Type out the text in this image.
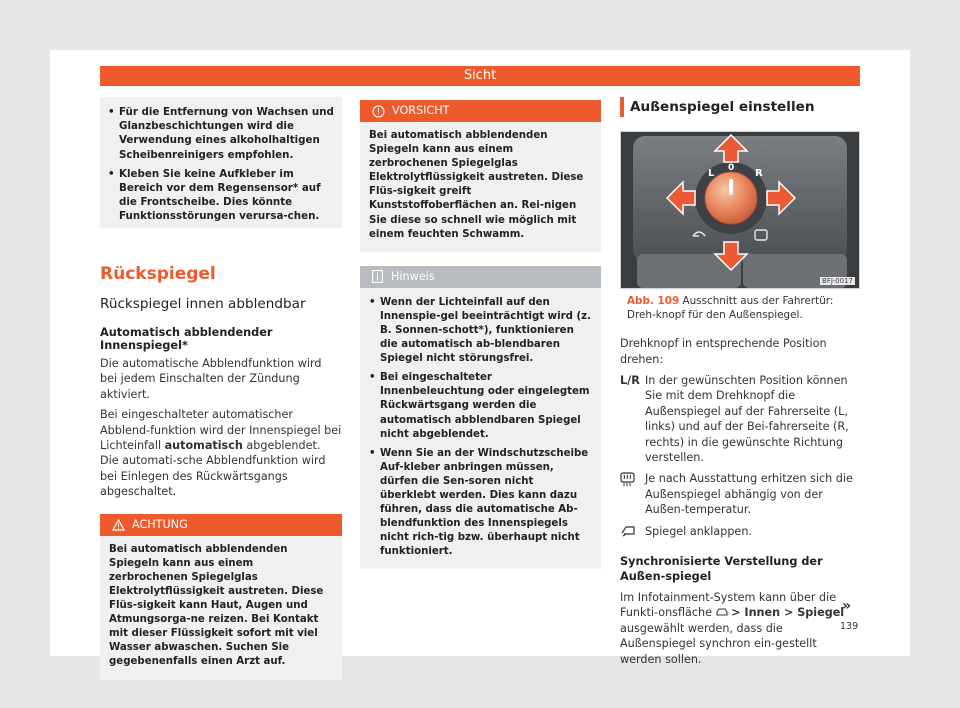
Sicht
• Für die Entfernung von Wachsen und Glanzbeschichtungen wird die Verwendung eines alkoholhaltigen Scheibenreinigers empfohlen.
• Kleben Sie keine Aufkleber im Bereich vor dem Regensensor* auf die Frontscheibe. Dies könnte Funktionsstörungen verursa-chen.
Rückspiegel
Rückspiegel innen abblendbar
Automatisch abblendender Innenspiegel*
Die automatische Abblendfunktion wird bei jedem Einschalten der Zündung aktiviert.
Bei eingeschalteter automatischer Abblend-funktion wird der Innenspiegel bei Lichteinfall automatisch abgeblendet. Die automati-sche Abblendfunktion wird bei Einlegen des Rückwärtsgangs abgeschaltet.
ACHTUNG
Bei automatisch abblendenden Spiegeln kann aus einem zerbrochenen Spiegelglas Elektrolytflüssigkeit austreten. Diese Flüs-sigkeit kann Haut, Augen und Atmungsorga-ne reizen. Bei Kontakt mit dieser Flüssigkeit sofort mit viel Wasser abwaschen. Suchen Sie gegebenenfalls einen Arzt auf.
VORSICHT
Bei automatisch abblendenden Spiegeln kann aus einem zerbrochenen Spiegelglas Elektrolytflüssigkeit austreten. Diese Flüs-sigkeit greift Kunststoffoberflächen an. Rei-nigen Sie diese so schnell wie möglich mit einem feuchten Schwamm.
Hinweis
• Wenn der Lichteinfall auf den Innenspie-gel beeinträchtigt wird (z. B. Sonnen-schott*), funktionieren die automatisch ab-blendbaren Spiegel nicht störungsfrei.
• Bei eingeschalteter Innenbeleuchtung oder eingelegtem Rückwärtsgang werden die automatisch abblendbaren Spiegel nicht abgeblendet.
• Wenn Sie an der Windschutzscheibe Auf-kleber anbringen müssen, dürfen die Sen-soren nicht überklebt werden. Dies kann dazu führen, dass die automatische Ab-blendfunktion des Innenspiegels nicht rich-tig bzw. überhaupt nicht funktioniert.
Außenspiegel einstellen
L	R
0
BFJ-0017
Abb. 109 Ausschnitt aus der Fahrertür: Dreh-knopf für den Außenspiegel.
Drehknopf in entsprechende Position drehen:
L/R In der gewünschten Position können Sie mit dem Drehknopf die Außenspiegel auf der Fahrerseite (L, links) und auf der Bei-fahrerseite (R, rechts) in die gewünschte Richtung verstellen.
Je nach Ausstattung erhitzen sich die Außenspiegel abhängig von der Außen-temperatur.
Spiegel anklappen.
Synchronisierte Verstellung der Außen-spiegel
Im Infotainment-System kann über die Funkti-onsfläche > Innen > Spiegel ausgewählt werden, dass die Außenspiegel synchron ein-gestellt werden sollen.
»
139
